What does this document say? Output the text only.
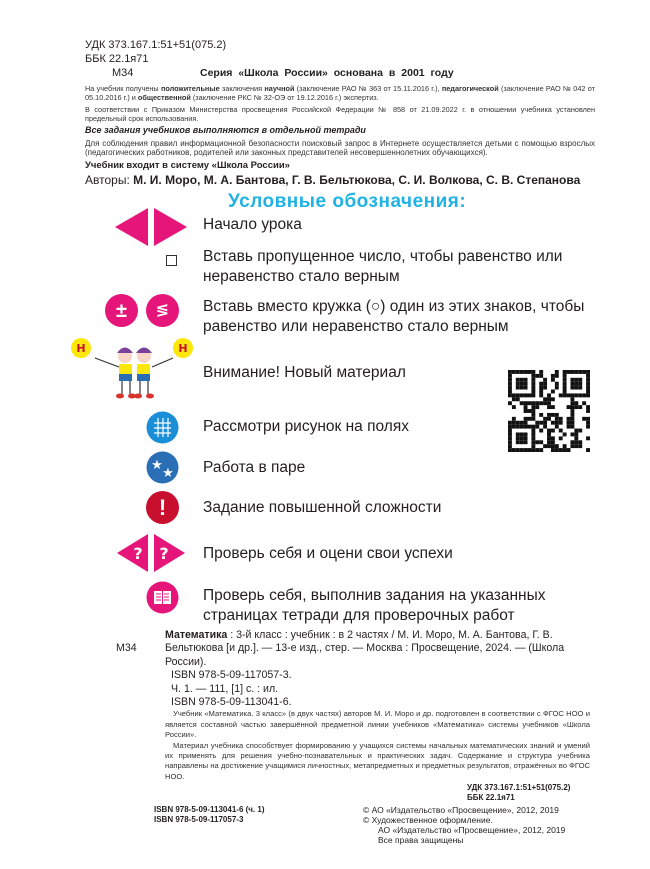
УДК 373.167.1:51+51(075.2)
ББК 22.1я71
М34	Серия «Школа России» основана в 2001 году
На учебник получены положительные заключения научной (заключение РАО № 363 от 15.11.2016 г.), педагогической (заключение РАО № 042 от 05.10.2016 г.) и общественной (заключение РКС № 32-ОЭ от 19.12.2016 г.) экспертиз.
В соответствии с Приказом Министерства просвещения Российской Федерации № 858 от 21.09.2022 г. в отношении учебника установлен предельный срок использования.
Все задания учебников выполняются в отдельной тетради
Для соблюдения правил информационной безопасности поисковый запрос в Интернете осуществляется детьми с помощью взрослых (педагогических работников, родителей или законных представителей несовершеннолетних обучающихся).
Учебник входит в систему «Школа России»
Авторы: М. И. Моро, М. А. Бантова, Г. В. Бельтюкова, С. И. Волкова, С. В. Степанова
Условные обозначения:
Начало урока
Вставь пропущенное число, чтобы равенство или неравенство стало верным
±	≶	Вставь вместо кружка (○) один из этих знаков, чтобы равенство или неравенство стало верным
Н	Н
Внимание! Новый материал
Рассмотри рисунок на полях
★
★ Работа в паре
!	Задание повышенной сложности
? ? Проверь себя и оцени свои успехи
Проверь себя, выполнив задания на указанных страницах тетради для проверочных работ
М34
Математика : 3-й класс : учебник : в 2 частях / М. И. Моро, М. А. Бантова, Г. В. Бельтюкова [и др.]. — 13-е изд., стер. — Москва : Просвещение, 2024. — (Школа России).
ISBN 978-5-09-117057-3.
Ч. 1. — 111, [1] с. : ил.
ISBN 978-5-09-113041-6.
Учебник «Математика. 3 класс» (в двух частях) авторов М. И. Моро и др. подготовлен в соответствии с ФГОС НОО и является составной частью завершённой предметной линии учебников «Математика» системы учебников «Школа России».
Материал учебника способствует формированию у учащихся системы начальных математических знаний и умений их применять для решения учебно-познавательных и практических задач. Содержание и структура учебника направлены на достижение учащимися личностных, метапредметных и предметных результатов, отражённых во ФГОС НОО.
УДК 373.167.1:51+51(075.2)
ББК 22.1я71
ISBN 978-5-09-113041-6 (ч. 1)
ISBN 978-5-09-117057-3
© АО «Издательство «Просвещение», 2012, 2019
© Художественное оформление.
АО «Издательство «Просвещение», 2012, 2019
Все права защищены
